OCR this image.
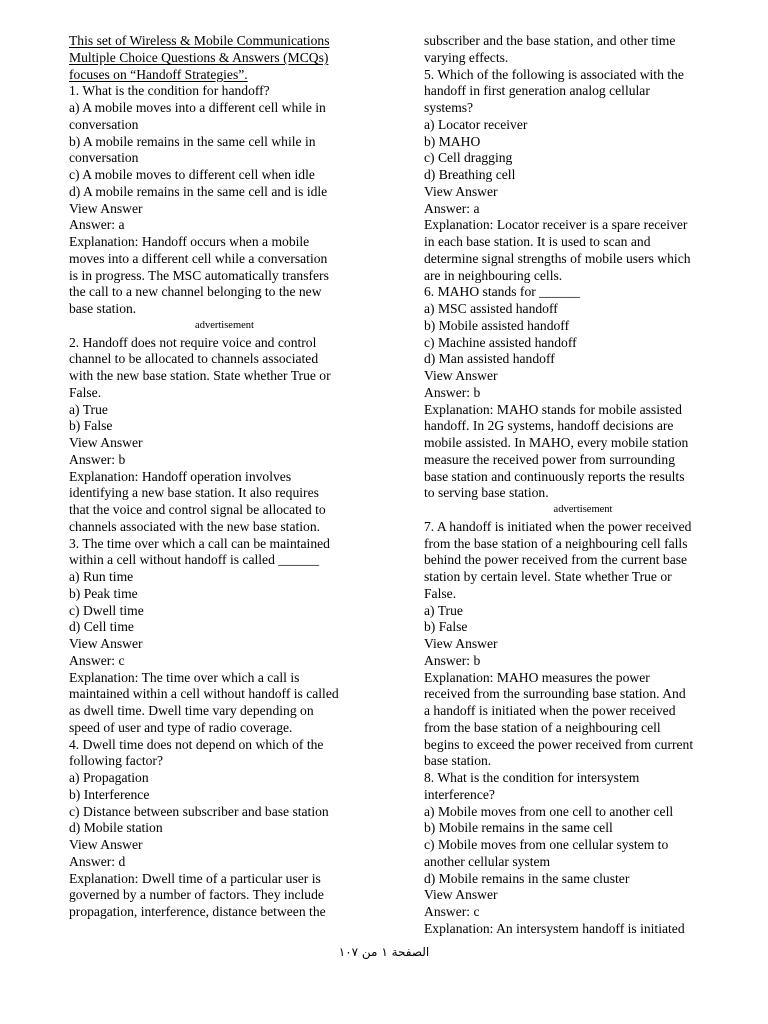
This set of Wireless & Mobile Communications
Multiple Choice Questions & Answers (MCQs)
focuses on “Handoff Strategies”.
1. What is the condition for handoff?
a) A mobile moves into a different cell while in
conversation
b) A mobile remains in the same cell while in
conversation
c) A mobile moves to different cell when idle
d) A mobile remains in the same cell and is idle
View Answer
Answer: a
Explanation: Handoff occurs when a mobile
moves into a different cell while a conversation
is in progress. The MSC automatically transfers
the call to a new channel belonging to the new
base station.
advertisement
2. Handoff does not require voice and control
channel to be allocated to channels associated
with the new base station. State whether True or
False.
a) True
b) False
View Answer
Answer: b
Explanation: Handoff operation involves
identifying a new base station. It also requires
that the voice and control signal be allocated to
channels associated with the new base station.
3. The time over which a call can be maintained
within a cell without handoff is called ______
a) Run time
b) Peak time
c) Dwell time
d) Cell time
View Answer
Answer: c
Explanation: The time over which a call is
maintained within a cell without handoff is called
as dwell time. Dwell time vary depending on
speed of user and type of radio coverage.
4. Dwell time does not depend on which of the
following factor?
a) Propagation
b) Interference
c) Distance between subscriber and base station
d) Mobile station
View Answer
Answer: d
Explanation: Dwell time of a particular user is
governed by a number of factors. They include
propagation, interference, distance between the
subscriber and the base station, and other time
varying effects.
5. Which of the following is associated with the
handoff in first generation analog cellular
systems?
a) Locator receiver
b) MAHO
c) Cell dragging
d) Breathing cell
View Answer
Answer: a
Explanation: Locator receiver is a spare receiver
in each base station. It is used to scan and
determine signal strengths of mobile users which
are in neighbouring cells.
6. MAHO stands for ______
a) MSC assisted handoff
b) Mobile assisted handoff
c) Machine assisted handoff
d) Man assisted handoff
View Answer
Answer: b
Explanation: MAHO stands for mobile assisted
handoff. In 2G systems, handoff decisions are
mobile assisted. In MAHO, every mobile station
measure the received power from surrounding
base station and continuously reports the results
to serving base station.
advertisement
7. A handoff is initiated when the power received
from the base station of a neighbouring cell falls
behind the power received from the current base
station by certain level. State whether True or
False.
a) True
b) False
View Answer
Answer: b
Explanation: MAHO measures the power
received from the surrounding base station. And
a handoff is initiated when the power received
from the base station of a neighbouring cell
begins to exceed the power received from current
base station.
8. What is the condition for intersystem
interference?
a) Mobile moves from one cell to another cell
b) Mobile remains in the same cell
c) Mobile moves from one cellular system to
another cellular system
d) Mobile remains in the same cluster
View Answer
Answer: c
Explanation: An intersystem handoff is initiated
الصفحة ١ من ١٠٧
